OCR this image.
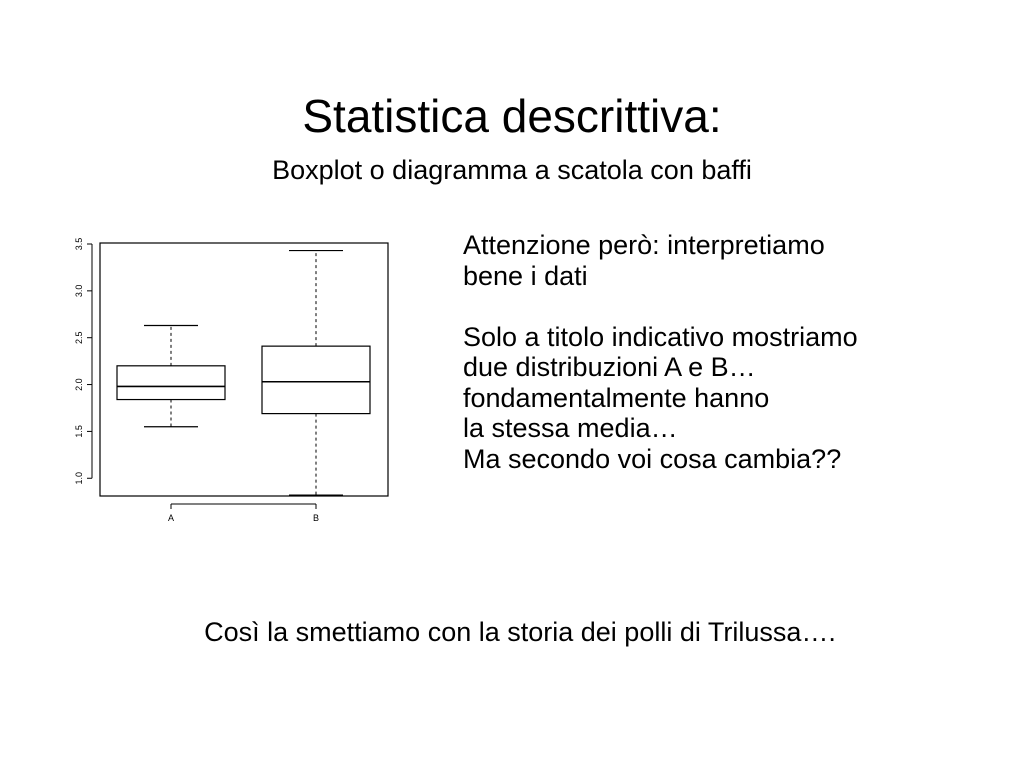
Statistica descrittiva:
Boxplot o diagramma a scatola con baffi
1.0
1.5
2.0
2.5
3.0
3.5
A	B
Attenzione però: interpretiamo
bene i dati
Solo a titolo indicativo mostriamo
due distribuzioni A e B…
fondamentalmente hanno
la stessa media…
Ma secondo voi cosa cambia??
Così la smettiamo con la storia dei polli di Trilussa….
